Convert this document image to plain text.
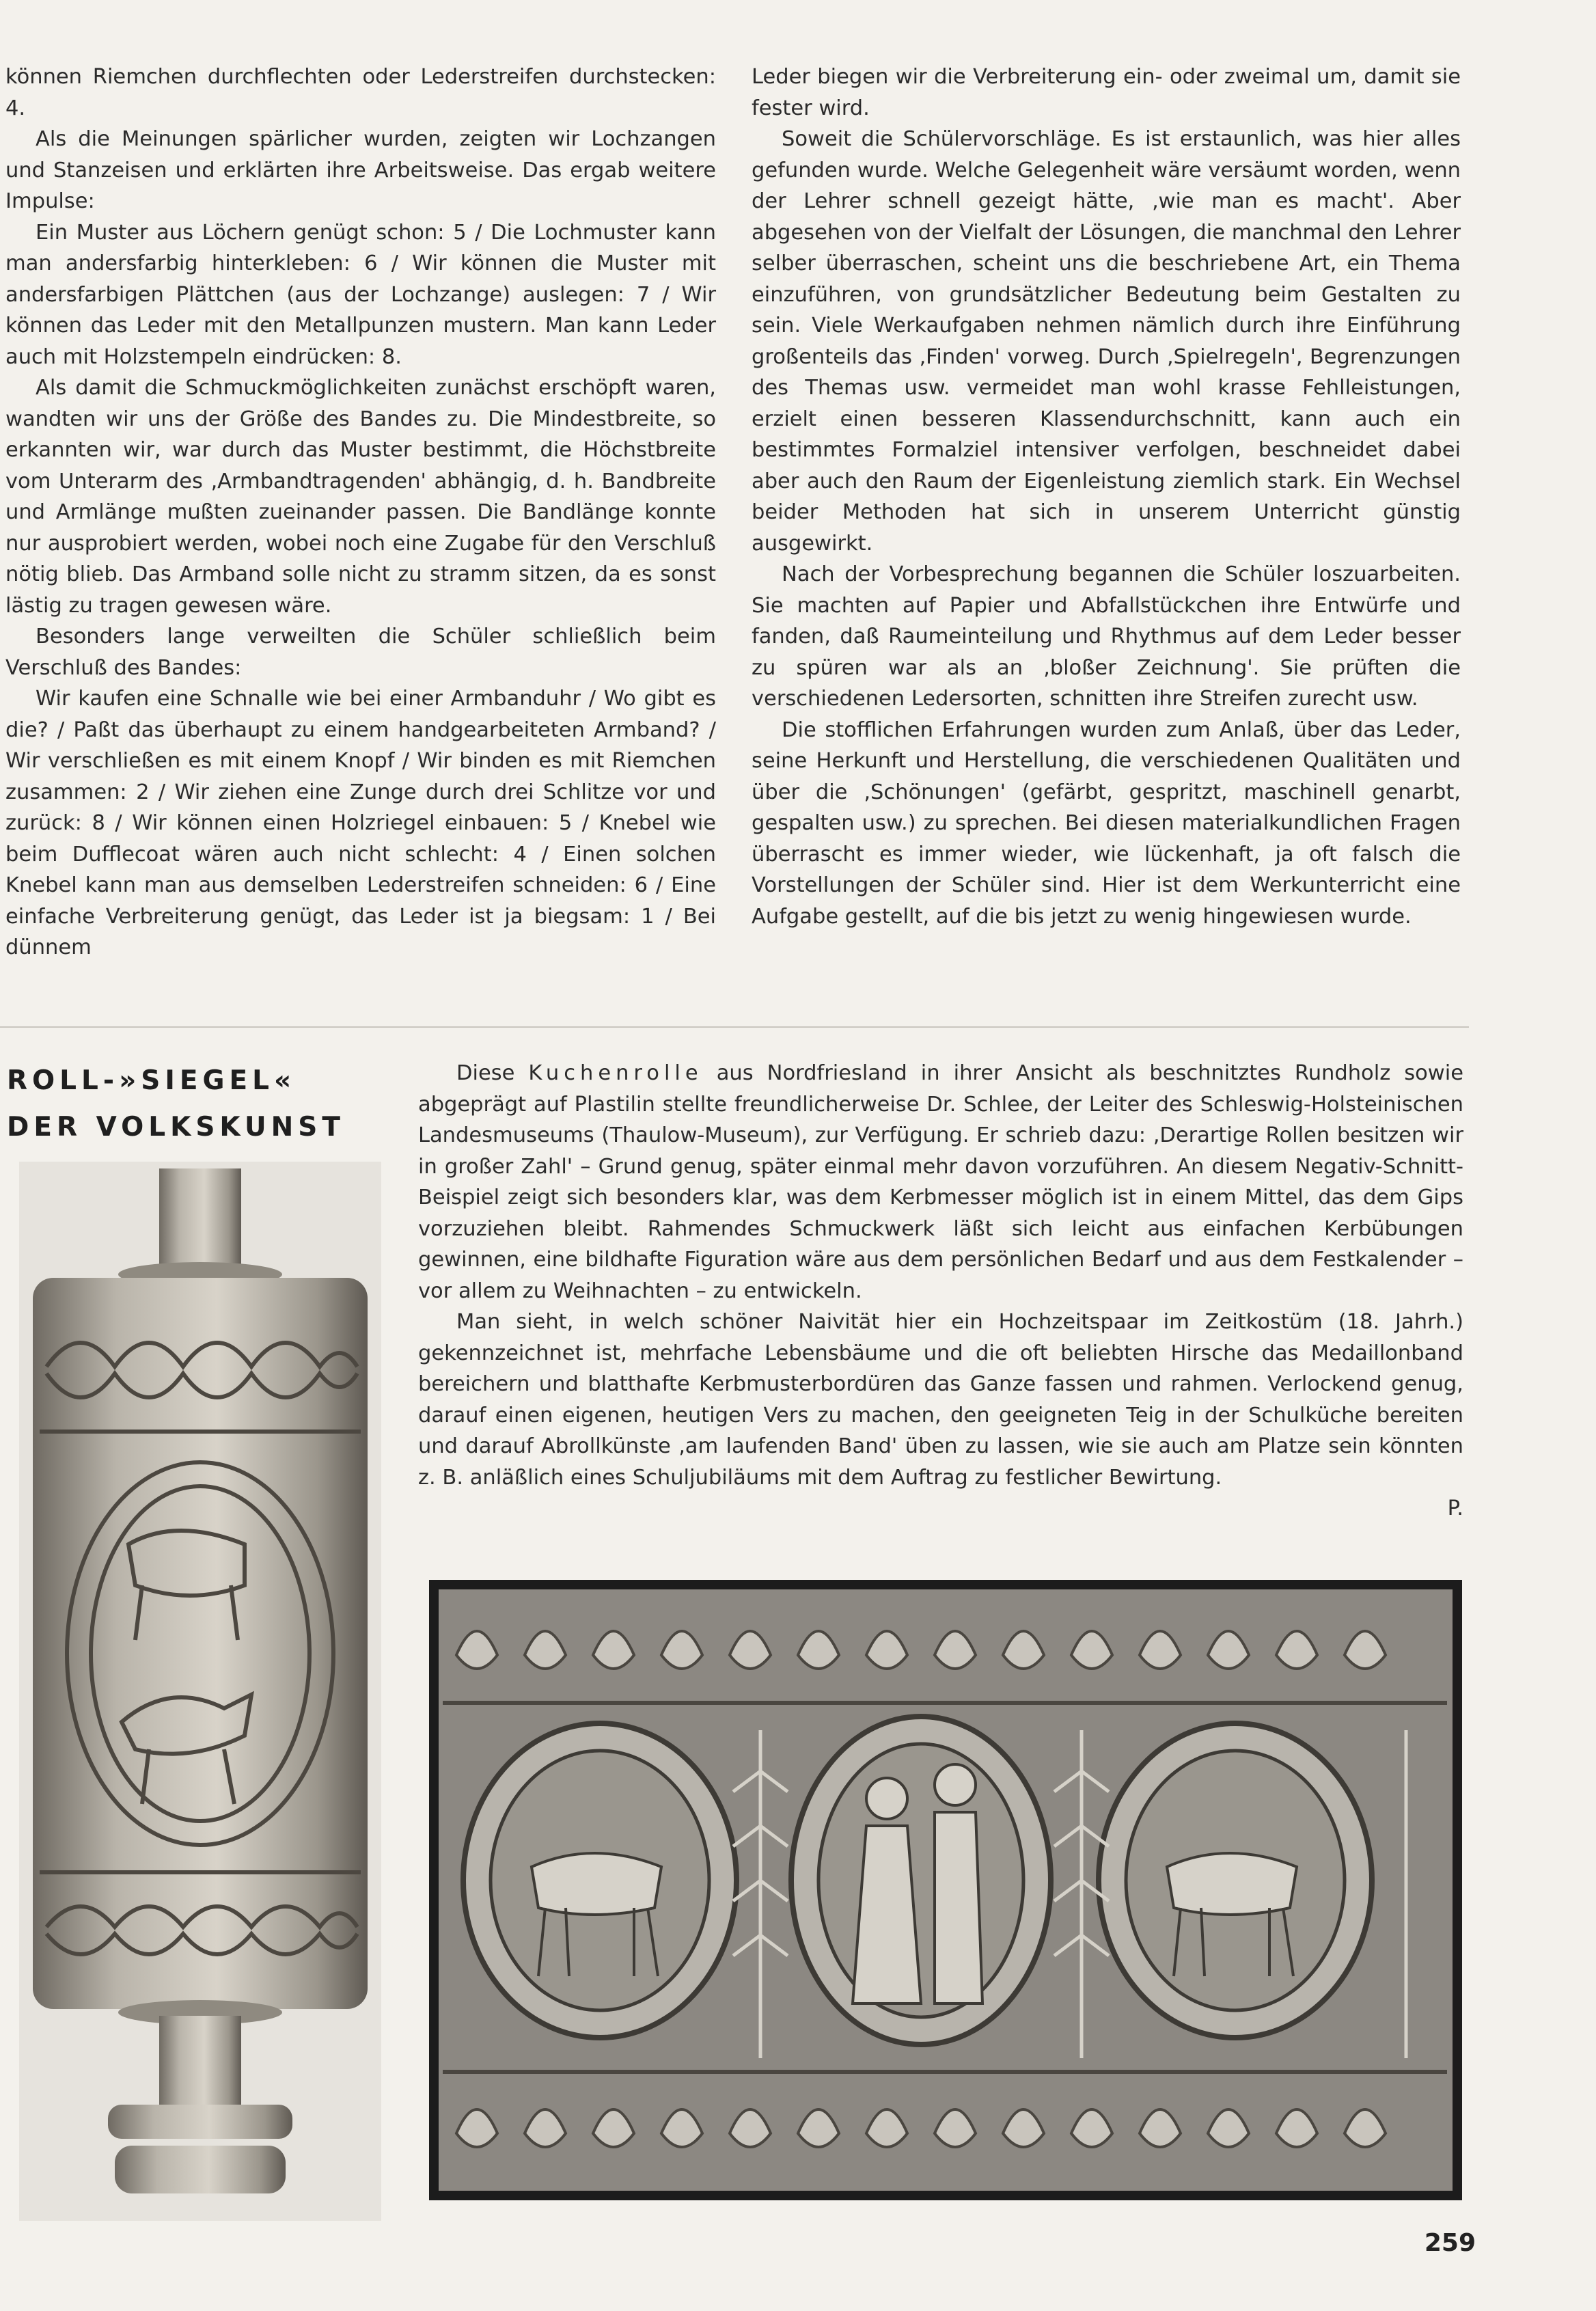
können Riemchen durchflechten oder Lederstreifen durchstecken: 4.

Als die Meinungen spärlicher wurden, zeigten wir Lochzangen und Stanzeisen und erklärten ihre Arbeitsweise. Das ergab weitere Impulse:

Ein Muster aus Löchern genügt schon: 5 / Die Lochmuster kann man andersfarbig hinterkleben: 6 / Wir können die Muster mit andersfarbigen Plättchen (aus der Lochzange) auslegen: 7 / Wir können das Leder mit den Metallpunzen mustern. Man kann Leder auch mit Holzstempeln eindrücken: 8.

Als damit die Schmuckmöglichkeiten zunächst erschöpft waren, wandten wir uns der Größe des Bandes zu. Die Mindestbreite, so erkannten wir, war durch das Muster bestimmt, die Höchstbreite vom Unterarm des ‚Armbandtragenden' abhängig, d. h. Bandbreite und Armlänge mußten zueinander passen. Die Bandlänge konnte nur ausprobiert werden, wobei noch eine Zugabe für den Verschluß nötig blieb. Das Armband solle nicht zu stramm sitzen, da es sonst lästig zu tragen gewesen wäre.

Besonders lange verweilten die Schüler schließlich beim Verschluß des Bandes:

Wir kaufen eine Schnalle wie bei einer Armbanduhr / Wo gibt es die? / Paßt das überhaupt zu einem handgearbeiteten Armband? / Wir verschließen es mit einem Knopf / Wir binden es mit Riemchen zusammen: 2 / Wir ziehen eine Zunge durch drei Schlitze vor und zurück: 8 / Wir können einen Holzriegel einbauen: 5 / Knebel wie beim Dufflecoat wären auch nicht schlecht: 4 / Einen solchen Knebel kann man aus demselben Lederstreifen schneiden: 6 / Eine einfache Verbreiterung genügt, das Leder ist ja biegsam: 1 / Bei dünnem

Leder biegen wir die Verbreiterung ein- oder zweimal um, damit sie fester wird.

Soweit die Schülervorschläge. Es ist erstaunlich, was hier alles gefunden wurde. Welche Gelegenheit wäre versäumt worden, wenn der Lehrer schnell gezeigt hätte, ‚wie man es macht'. Aber abgesehen von der Vielfalt der Lösungen, die manchmal den Lehrer selber überraschen, scheint uns die beschriebene Art, ein Thema einzuführen, von grundsätzlicher Bedeutung beim Gestalten zu sein. Viele Werkaufgaben nehmen nämlich durch ihre Einführung großenteils das ‚Finden' vorweg. Durch ‚Spielregeln', Begrenzungen des Themas usw. vermeidet man wohl krasse Fehlleistungen, erzielt einen besseren Klassendurchschnitt, kann auch ein bestimmtes Formalziel intensiver verfolgen, beschneidet dabei aber auch den Raum der Eigenleistung ziemlich stark. Ein Wechsel beider Methoden hat sich in unserem Unterricht günstig ausgewirkt.

Nach der Vorbesprechung begannen die Schüler loszuarbeiten. Sie machten auf Papier und Abfallstückchen ihre Entwürfe und fanden, daß Raumeinteilung und Rhythmus auf dem Leder besser zu spüren war als an ‚bloßer Zeichnung'. Sie prüften die verschiedenen Ledersorten, schnitten ihre Streifen zurecht usw.

Die stofflichen Erfahrungen wurden zum Anlaß, über das Leder, seine Herkunft und Herstellung, die verschiedenen Qualitäten und über die ‚Schönungen' (gefärbt, gespritzt, maschinell genarbt, gespalten usw.) zu sprechen. Bei diesen materialkundlichen Fragen überrascht es immer wieder, wie lückenhaft, ja oft falsch die Vorstellungen der Schüler sind. Hier ist dem Werkunterricht eine Aufgabe gestellt, auf die bis jetzt zu wenig hingewiesen wurde.

ROLL-»SIEGEL«
DER VOLKSKUNST

Diese Kuchenrolle aus Nordfriesland in ihrer Ansicht als beschnitztes Rundholz sowie abgeprägt auf Plastilin stellte freundlicherweise Dr. Schlee, der Leiter des Schleswig-Holsteinischen Landesmuseums (Thaulow-Museum), zur Verfügung. Er schrieb dazu: ‚Derartige Rollen besitzen wir in großer Zahl' – Grund genug, später einmal mehr davon vorzuführen. An diesem Negativ-Schnitt-Beispiel zeigt sich besonders klar, was dem Kerbmesser möglich ist in einem Mittel, das dem Gips vorzuziehen bleibt. Rahmendes Schmuckwerk läßt sich leicht aus einfachen Kerbübungen gewinnen, eine bildhafte Figuration wäre aus dem persönlichen Bedarf und aus dem Festkalender – vor allem zu Weihnachten – zu entwickeln.

Man sieht, in welch schöner Naivität hier ein Hochzeitspaar im Zeitkostüm (18. Jahrh.) gekennzeichnet ist, mehrfache Lebensbäume und die oft beliebten Hirsche das Medaillonband bereichern und blatthafte Kerbmusterbordüren das Ganze fassen und rahmen. Verlockend genug, darauf einen eigenen, heutigen Vers zu machen, den geeigneten Teig in der Schulküche bereiten und darauf Abrollkünste ‚am laufenden Band' üben zu lassen, wie sie auch am Platze sein könnten z. B. anläßlich eines Schuljubiläums mit dem Auftrag zu festlicher Bewirtung.

P.

259
